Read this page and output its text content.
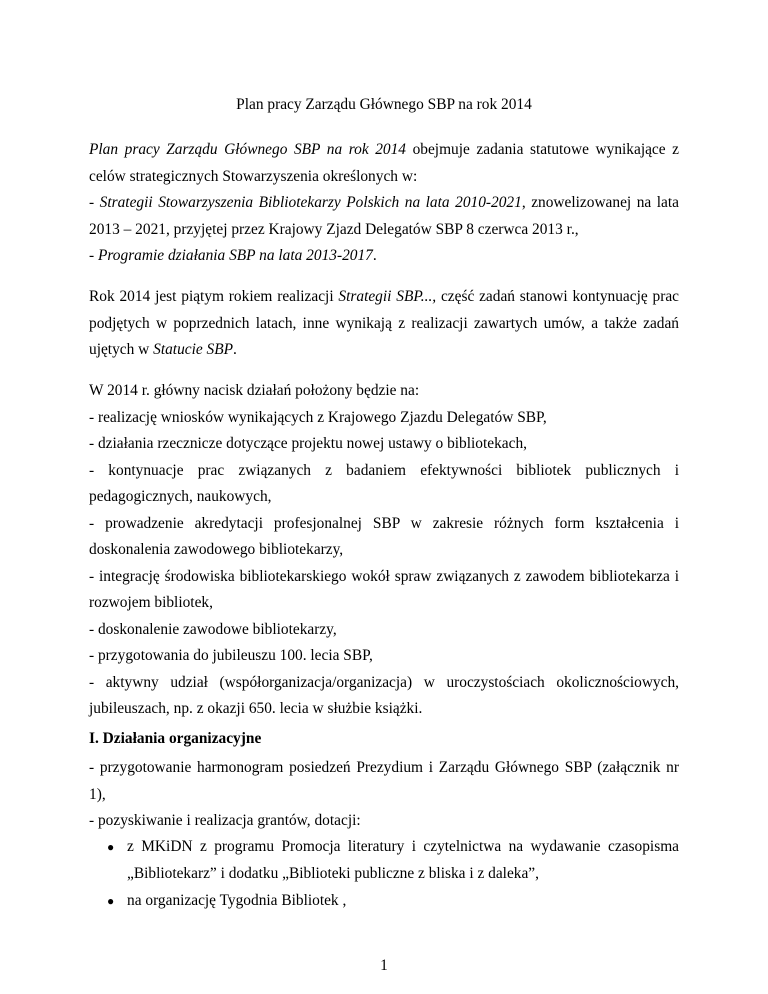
Plan pracy Zarządu Głównego SBP na rok 2014
Plan pracy Zarządu Głównego SBP na rok 2014 obejmuje zadania statutowe wynikające z
celów strategicznych Stowarzyszenia określonych w:
- Strategii Stowarzyszenia Bibliotekarzy Polskich na lata 2010-2021, znowelizowanej na lata
2013 – 2021, przyjętej przez Krajowy Zjazd Delegatów SBP 8 czerwca 2013 r.,
- Programie działania SBP na lata 2013-2017.
Rok 2014 jest piątym rokiem realizacji Strategii SBP..., część zadań stanowi kontynuację prac
podjętych w poprzednich latach, inne wynikają z realizacji zawartych umów, a także zadań
ujętych w Statucie SBP.
W 2014 r. główny nacisk działań położony będzie na:
- realizację wniosków wynikających z Krajowego Zjazdu Delegatów SBP,
- działania rzecznicze dotyczące projektu nowej ustawy o bibliotekach,
- kontynuacje prac związanych z badaniem efektywności bibliotek publicznych i
pedagogicznych, naukowych,
- prowadzenie akredytacji profesjonalnej SBP w zakresie różnych form kształcenia i
doskonalenia zawodowego bibliotekarzy,
- integrację środowiska bibliotekarskiego wokół spraw związanych z zawodem bibliotekarza i
rozwojem bibliotek,
- doskonalenie zawodowe bibliotekarzy,
- przygotowania do jubileuszu 100. lecia SBP,
- aktywny udział (współorganizacja/organizacja) w uroczystościach okolicznościowych,
jubileuszach, np. z okazji 650. lecia w służbie książki.
I. Działania organizacyjne
- przygotowanie harmonogram posiedzeń Prezydium i Zarządu Głównego SBP (załącznik nr
1),
- pozyskiwanie i realizacja grantów, dotacji:
● z MKiDN z programu Promocja literatury i czytelnictwa na wydawanie czasopisma
„Bibliotekarz” i dodatku „Biblioteki publiczne z bliska i z daleka”,
● na organizację Tygodnia Bibliotek ,
1
